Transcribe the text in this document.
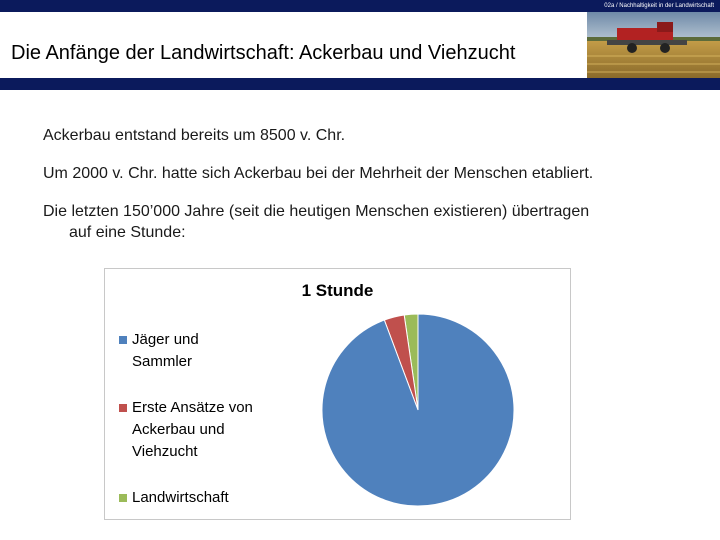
02a / Nachhaltigkeit in der Landwirtschaft
Die Anfänge der Landwirtschaft: Ackerbau und Viehzucht
Ackerbau entstand bereits um 8500 v. Chr.
Um 2000 v. Chr. hatte sich Ackerbau bei der Mehrheit der Menschen etabliert.
Die letzten 150’000 Jahre (seit die heutigen Menschen existieren) übertragen
auf eine Stunde:
1 Stunde
Jäger und
Sammler
Erste Ansätze von
Ackerbau und
Viehzucht
Landwirtschaft
